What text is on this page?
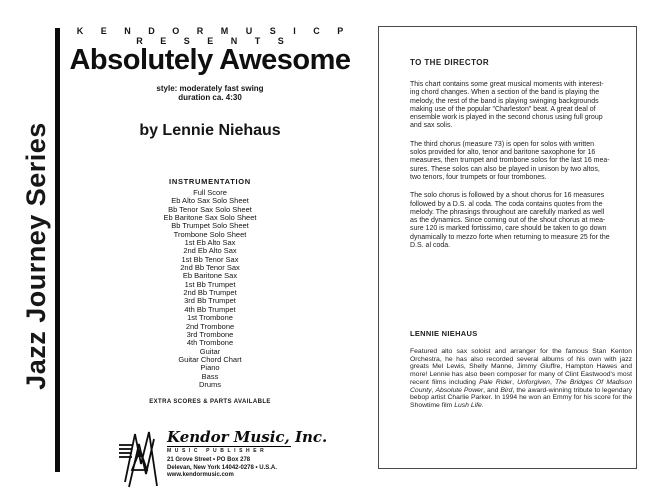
Jazz Journey Series
K E N D O R M U S I C P R E S E N T S
Absolutely Awesome
style: moderately fast swing
duration ca. 4:30
by Lennie Niehaus
INSTRUMENTATION
Full Score
Eb Alto Sax Solo Sheet
Bb Tenor Sax Solo Sheet
Eb Baritone Sax Solo Sheet
Bb Trumpet Solo Sheet
Trombone Solo Sheet
1st Eb Alto Sax
2nd Eb Alto Sax
1st Bb Tenor Sax
2nd Bb Tenor Sax
Eb Baritone Sax
1st Bb Trumpet
2nd Bb Trumpet
3rd Bb Trumpet
4th Bb Trumpet
1st Trombone
2nd Trombone
3rd Trombone
4th Trombone
Guitar
Guitar Chord Chart
Piano
Bass
Drums
EXTRA SCORES & PARTS AVAILABLE
Kendor Music, Inc.
MUSIC PUBLISHER
21 Grove Street • PO Box 278
Delevan, New York 14042-0278 • U.S.A.
www.kendormusic.com
TO THE DIRECTOR
This chart contains some great musical moments with interest-
ing chord changes. When a section of the band is playing the
melody, the rest of the band is playing swinging backgrounds
making use of the popular "Charleston" beat. A great deal of
ensemble work is played in the second chorus using full group
and sax solis.
The third chorus (measure 73) is open for solos with written
solos provided for alto, tenor and baritone saxophone for 16
measures, then trumpet and trombone solos for the last 16 mea-
sures. These solos can also be played in unison by two altos,
two tenors, four trumpets or four trombones.
The solo chorus is followed by a shout chorus for 16 measures
followed by a D.S. al coda. The coda contains quotes from the
melody. The phrasings throughout are carefully marked as well
as the dynamics. Since coming out of the shout chorus at mea-
sure 120 is marked fortissimo, care should be taken to go down
dynamically to mezzo forte when returning to measure 25 for the
D.S. al coda.
LENNIE NIEHAUS
Featured alto sax soloist and arranger for the famous Stan Kenton Orchestra, he has also recorded several albums of his own with jazz greats Mel Lewis, Shelly Manne, Jimmy Giuffre, Hampton Hawes and more! Lennie has also been composer for many of Clint Eastwood's most recent films including Pale Rider, Unforgiven, The Bridges Of Madison County, Absolute Power, and Bird, the award-winning tribute to legendary bebop artist Charlie Parker. In 1994 he won an Emmy for his score for the Showtime film Lush Life.
